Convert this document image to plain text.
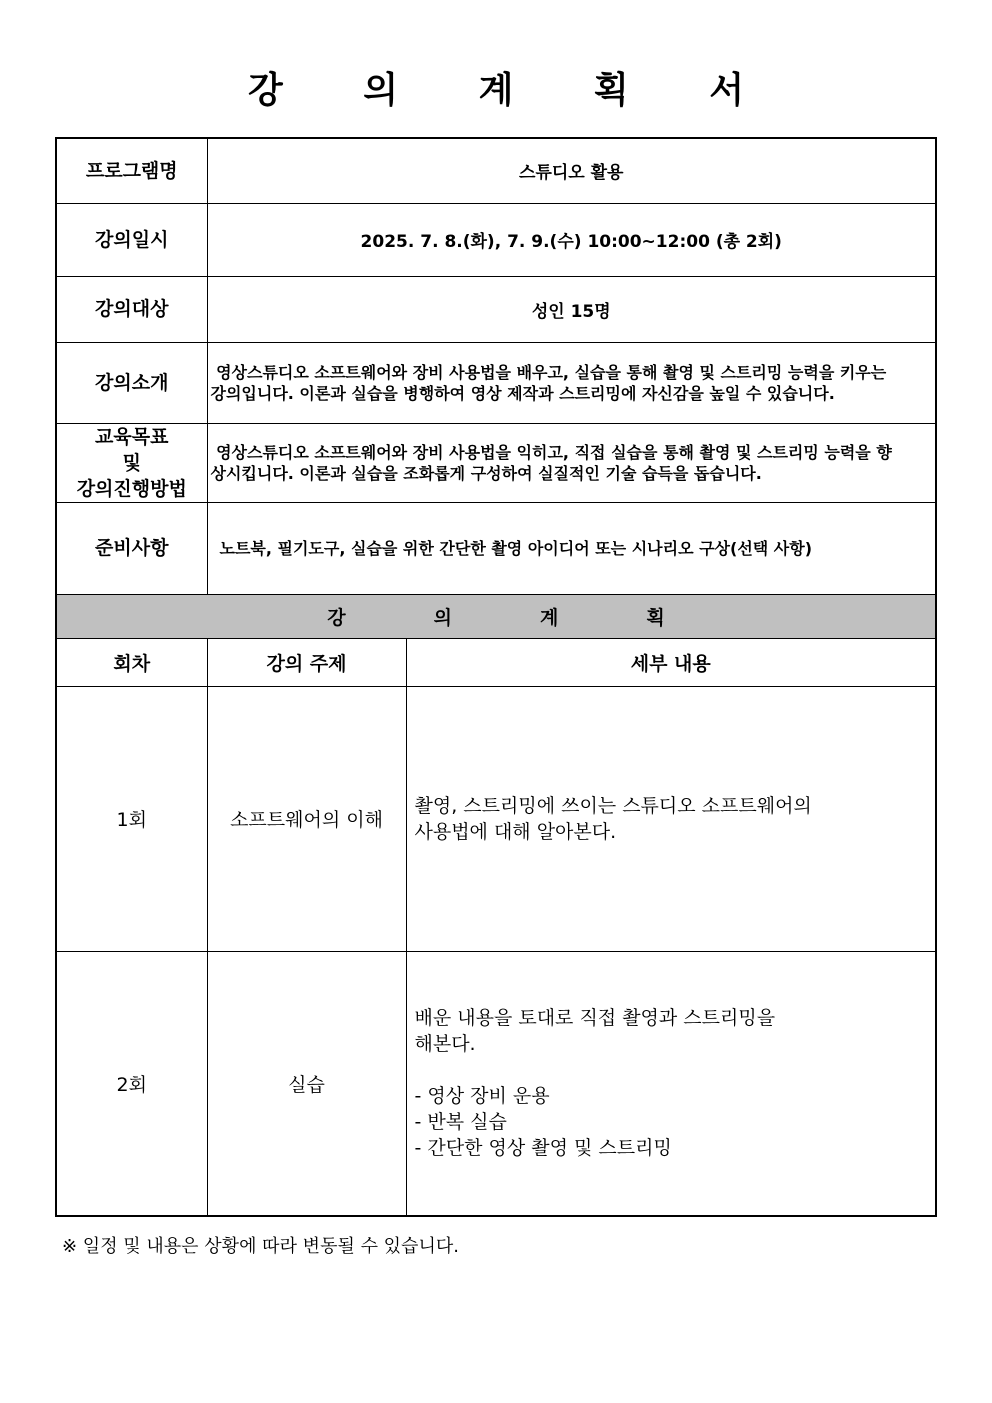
강 의 계 획 서
프로그램명	스튜디오 활용	
강의일시	2025. 7. 8.(화), 7. 9.(수) 10:00~12:00 (총 2회)	
강의대상	성인 15명	
강의소개	영상스튜디오 소프트웨어와 장비 사용법을 배우고, 실습을 통해 촬영 및 스트리밍 능력을 키우는 강의입니다. 이론과 실습을 병행하여 영상 제작과 스트리밍에 자신감을 높일 수 있습니다.	

교육목표
및
강의진행방법	영상스튜디오 소프트웨어와 장비 사용법을 익히고, 직접 실습을 통해 촬영 및 스트리밍 능력을 향상시킵니다. 이론과 실습을 조화롭게 구성하여 실질적인 기술 습득을 돕습니다.	
준비사항	노트북, 필기도구, 실습을 위한 간단한 촬영 아이디어 또는 시나리오 구상(선택 사항)	
강 의 계 획		
회차	강의 주제	세부 내용
1회	소프트웨어의 이해	촬영, 스트리밍에 쓰이는 스튜디오 소프트웨어의
사용법에 대해 알아본다.

2회	실습	배운 내용을 토대로 직접 촬영과 스트리밍을
해본다.
- 영상 장비 운용
- 반복 실습
- 간단한 영상 촬영 및 스트리밍
※ 일정 및 내용은 상황에 따라 변동될 수 있습니다.
